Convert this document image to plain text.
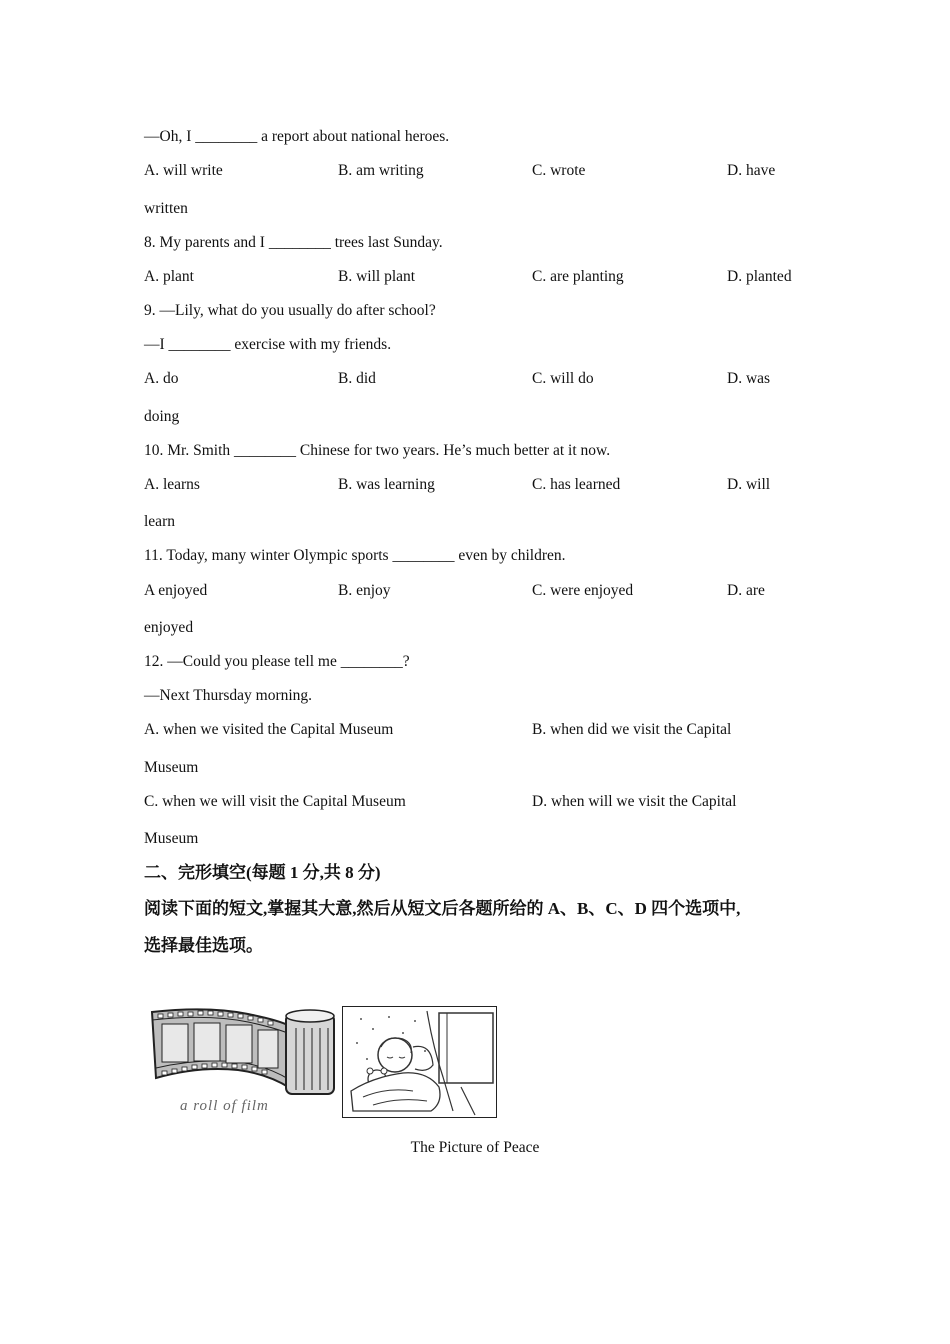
—Oh, I ________ a report about national heroes.
A. will write	B. am writing	C. wrote	D. have
written
8. My parents and I ________ trees last Sunday.
A. plant	B. will plant	C. are planting	D. planted
9. —Lily, what do you usually do after school?
—I ________ exercise with my friends.
A. do	B. did	C. will do	D. was
doing
10. Mr. Smith ________ Chinese for two years. He’s much better at it now.
A. learns	B. was learning	C. has learned	D. will
learn
11. Today, many winter Olympic sports ________ even by children.
A enjoyed	B. enjoy	C. were enjoyed	D. are
enjoyed
12. —Could you please tell me ________?
—Next Thursday morning.
A. when we visited the Capital Museum	B. when did we visit the Capital
Museum
C. when we will visit the Capital Museum	D. when will we visit the Capital
Museum
二、完形填空(每题 1 分,共 8 分)
阅读下面的短文,掌握其大意,然后从短文后各题所给的 A、B、C、D 四个选项中,
选择最佳选项。
a roll of film
The Picture of Peace
